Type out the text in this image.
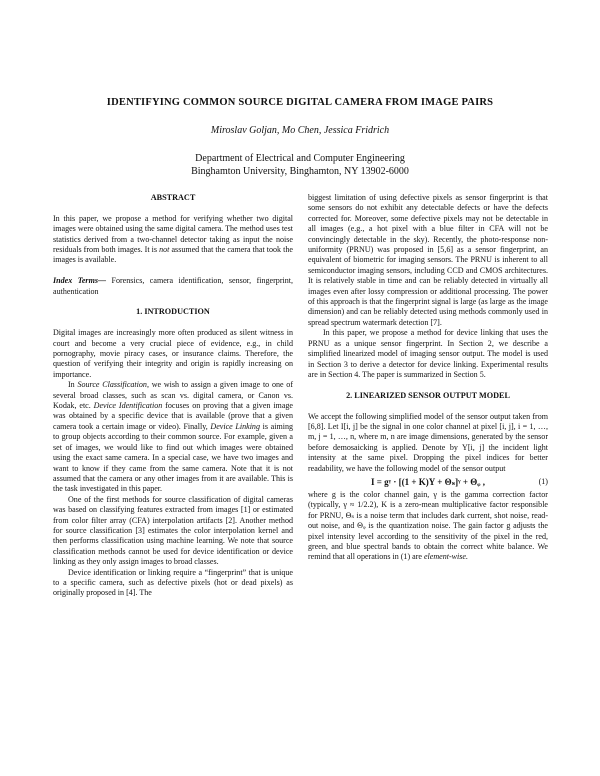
IDENTIFYING COMMON SOURCE DIGITAL CAMERA FROM IMAGE PAIRS
Miroslav Goljan, Mo Chen, Jessica Fridrich
Department of Electrical and Computer Engineering
Binghamton University, Binghamton, NY 13902-6000

ABSTRACT

In this paper, we propose a method for verifying whether two digital images were obtained using the same digital camera. The method uses test statistics derived from a two-channel detector taking as input the noise residuals from both images. It is not assumed that the camera that took the images is available.

Index Terms— Forensics, camera identification, sensor, fingerprint, authentication

1. INTRODUCTION

Digital images are increasingly more often produced as silent witness in court and become a very crucial piece of evidence, e.g., in child pornography, movie piracy cases, or insurance claims. Therefore, the question of verifying their integrity and origin is rapidly increasing on importance.

In Source Classification, we wish to assign a given image to one of several broad classes, such as scan vs. digital camera, or Canon vs. Kodak, etc. Device Identification focuses on proving that a given image was obtained by a specific device that is available (prove that a given camera took a certain image or video). Finally, Device Linking is aiming to group objects according to their common source. For example, given a set of images, we would like to find out which images were obtained using the exact same camera. In a special case, we have two images and want to know if they came from the same camera. Note that it is not assumed that the camera or any other images from it are available. This is the task investigated in this paper.

One of the first methods for source classification of digital cameras was based on classifying features extracted from images [1] or estimated from color filter array (CFA) interpolation artifacts [2]. Another method for source classification [3] estimates the color interpolation kernel and then performs classification using machine learning. We note that source classification methods cannot be used for device identification or device linking as they only assign images to broad classes.

Device identification or linking require a “fingerprint” that is unique to a specific camera, such as defective pixels (hot or dead pixels) as originally proposed in [4]. The

biggest limitation of using defective pixels as sensor fingerprint is that some sensors do not exhibit any detectable defects or have the defects corrected for. Moreover, some defective pixels may not be detectable in all images (e.g., a hot pixel with a blue filter in CFA will not be convincingly detectable in the sky). Recently, the photo-response non-uniformity (PRNU) was proposed in [5,6] as a sensor fingerprint, an equivalent of biometric for imaging sensors. The PRNU is inherent to all semiconductor imaging sensors, including CCD and CMOS architectures. It is relatively stable in time and can be reliably detected in virtually all images even after lossy compression or additional processing. The power of this approach is that the fingerprint signal is large (as large as the image dimension) and can be reliably detected using methods commonly used in spread spectrum watermark detection [7].

In this paper, we propose a method for device linking that uses the PRNU as a unique sensor fingerprint. In Section 2, we describe a simplified linearized model of imaging sensor output. The model is used in Section 3 to derive a detector for device linking. Experimental results are in Section 4. The paper is summarized in Section 5.

2. LINEARIZED SENSOR OUTPUT MODEL

We accept the following simplified model of the sensor output taken from [6,8]. Let I[i, j] be the signal in one color channel at pixel [i, j], i = 1, …, m, j = 1, …, n, where m, n are image dimensions, generated by the sensor before demosaicking is applied. Denote by Y[i, j] the incident light intensity at the same pixel. Dropping the pixel indices for better readability, we have the following model of the sensor output

I = gᵞ · [(1 + K)Y + Θₛ]ᵞ + Θᵩ ,	(1)

where g is the color channel gain, γ is the gamma correction factor (typically, γ ≈ 1/2.2), K is a zero-mean multiplicative factor responsible for PRNU, Θₛ is a noise term that includes dark current, shot noise, read-out noise, and Θᵩ is the quantization noise. The gain factor g adjusts the pixel intensity level according to the sensitivity of the pixel in the red, green, and blue spectral bands to obtain the correct white balance. We remind that all operations in (1) are element-wise.
